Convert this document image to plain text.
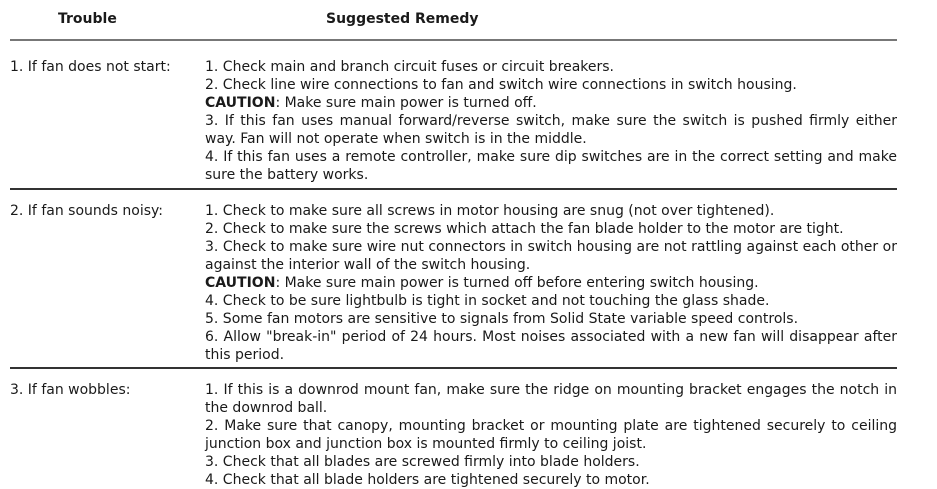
Trouble	Suggested Remedy
1. If fan does not start: 1. Check main and branch circuit fuses or circuit breakers.

2. Check line wire connections to fan and switch wire connections in switch housing.

CAUTION: Make sure main power is turned off.

3. If this fan uses manual forward/reverse switch, make sure the switch is pushed firmly either way. Fan will not operate when switch is in the middle.

4. If this fan uses a remote controller, make sure dip switches are in the correct setting and make sure the battery works.

2. If fan sounds noisy:	1. Check to make sure all screws in motor housing are snug (not over tightened).

2. Check to make sure the screws which attach the fan blade holder to the motor are tight.

3. Check to make sure wire nut connectors in switch housing are not rattling against each other or against the interior wall of the switch housing.

CAUTION: Make sure main power is turned off before entering switch housing.

4. Check to be sure lightbulb is tight in socket and not touching the glass shade.

5. Some fan motors are sensitive to signals from Solid State variable speed controls.

6. Allow "break-in" period of 24 hours. Most noises associated with a new fan will disappear after this period.

3. If fan wobbles:	1. If this is a downrod mount fan, make sure the ridge on mounting bracket engages the notch in the downrod ball.

2. Make sure that canopy, mounting bracket or mounting plate are tightened securely to ceiling junction box and junction box is mounted firmly to ceiling joist.

3. Check that all blades are screwed firmly into blade holders.

4. Check that all blade holders are tightened securely to motor.
